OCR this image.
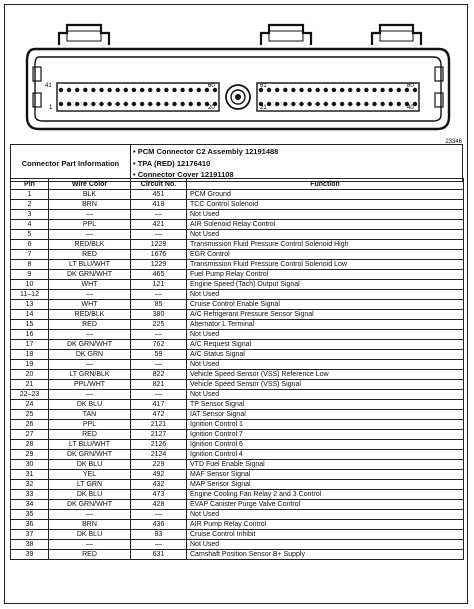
41	60	61	80
1	20	21	40
23346
Connector Part Information
• PCM Connector C2 Assembly 12191488
• TPA (RED) 12176410
• Connector Cover 12191108
Pin	Wire Color	Circuit No.	Function
1	BLK	451	PCM Ground
2	BRN	418	TCC Control Solenoid
3	—	—	Not Used
4	PPL	421	AIR Solenoid Relay Control
5	—	—	Not Used
6	RED/BLK	1228	Transmission Fluid Pressure Control Solenoid High
7	RED	1676	EGR Control
8	LT BLU/WHT	1229	Transmission Fluid Pressure Control Solenoid Low
9	DK GRN/WHT	465	Fuel Pump Relay Control
10	WHT	121	Engine Speed (Tach) Output Signal
11–12	—	—	Not Used
13	WHT	85	Cruise Control Enable Signal
14	RED/BLK	380	A/C Refrigerant Pressure Sensor Signal
15	RED	225	Alternator L Terminal
16	—	—	Not Used
17	DK GRN/WHT	762	A/C Request Signal
18	DK GRN	59	A/C Status Signal
19	—	—	Not Used
20	LT GRN/BLK	822	Vehicle Speed Sensor (VSS) Reference Low
21	PPL/WHT	821	Vehicle Speed Sensor (VSS) Signal
22–23	—	—	Not Used
24	DK BLU	417	TP Sensor Signal
25	TAN	472	IAT Sensor Signal
26	PPL	2121	Ignition Control 1
27	RED	2127	Ignition Control 7
28	LT BLU/WHT	2126	Ignition Control 6
29	DK GRN/WHT	2124	Ignition Control 4
30	DK BLU	229	VTD Fuel Enable Signal
31	YEL	492	MAF Sensor Signal
32	LT GRN	432	MAP Sensor Signal
33	DK BLU	473	Engine Cooling Fan Relay 2 and 3 Control
34	DK GRN/WHT	428	EVAP Canister Purge Valve Control
35	—	—	Not Used
36	BRN	436	AIR Pump Relay Control
37	DK BLU	83	Cruise Control Inhibit
38	—	—	Not Used
39	RED	631	Camshaft Position Sensor B+ Supply
